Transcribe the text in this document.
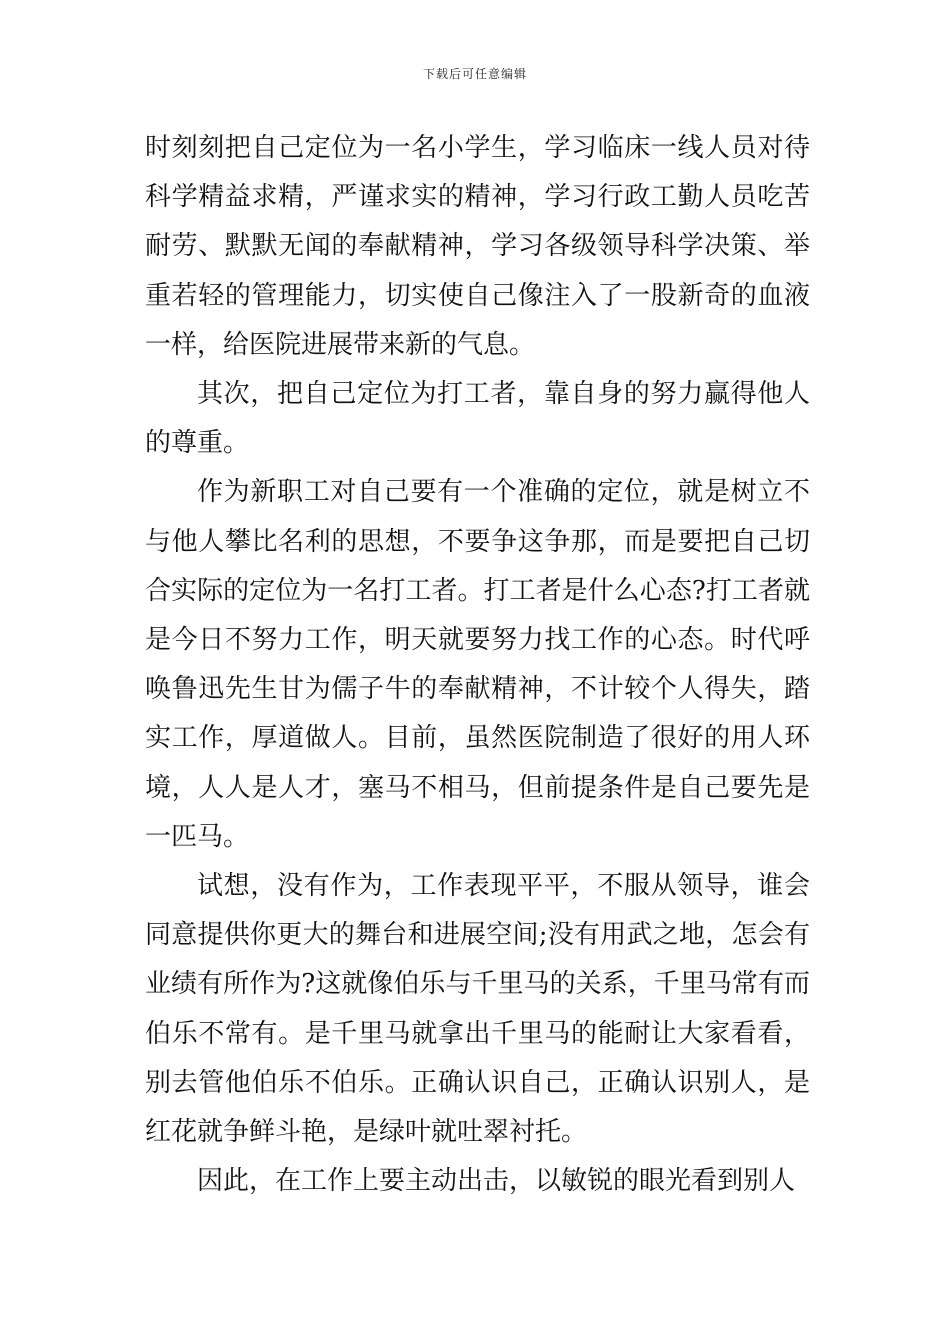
下载后可任意编辑

时刻刻把自己定位为一名小学生，学习临床一线人员对待科学精益求精，严谨求实的精神，学习行政工勤人员吃苦耐劳、默默无闻的奉献精神，学习各级领导科学决策、举重若轻的管理能力，切实使自己像注入了一股新奇的血液一样，给医院进展带来新的气息。

其次，把自己定位为打工者，靠自身的努力赢得他人的尊重。

作为新职工对自己要有一个准确的定位，就是树立不与他人攀比名利的思想，不要争这争那，而是要把自己切合实际的定位为一名打工者。打工者是什么心态?打工者就是今日不努力工作，明天就要努力找工作的心态。时代呼唤鲁迅先生甘为儒子牛的奉献精神，不计较个人得失，踏实工作，厚道做人。目前，虽然医院制造了很好的用人环境，人人是人才，塞马不相马，但前提条件是自己要先是一匹马。

试想，没有作为，工作表现平平，不服从领导，谁会同意提供你更大的舞台和进展空间;没有用武之地，怎会有业绩有所作为?这就像伯乐与千里马的关系，千里马常有而伯乐不常有。是千里马就拿出千里马的能耐让大家看看，别去管他伯乐不伯乐。正确认识自己，正确认识别人，是红花就争鲜斗艳，是绿叶就吐翠衬托。

因此，在工作上要主动出击，以敏锐的眼光看到别人
